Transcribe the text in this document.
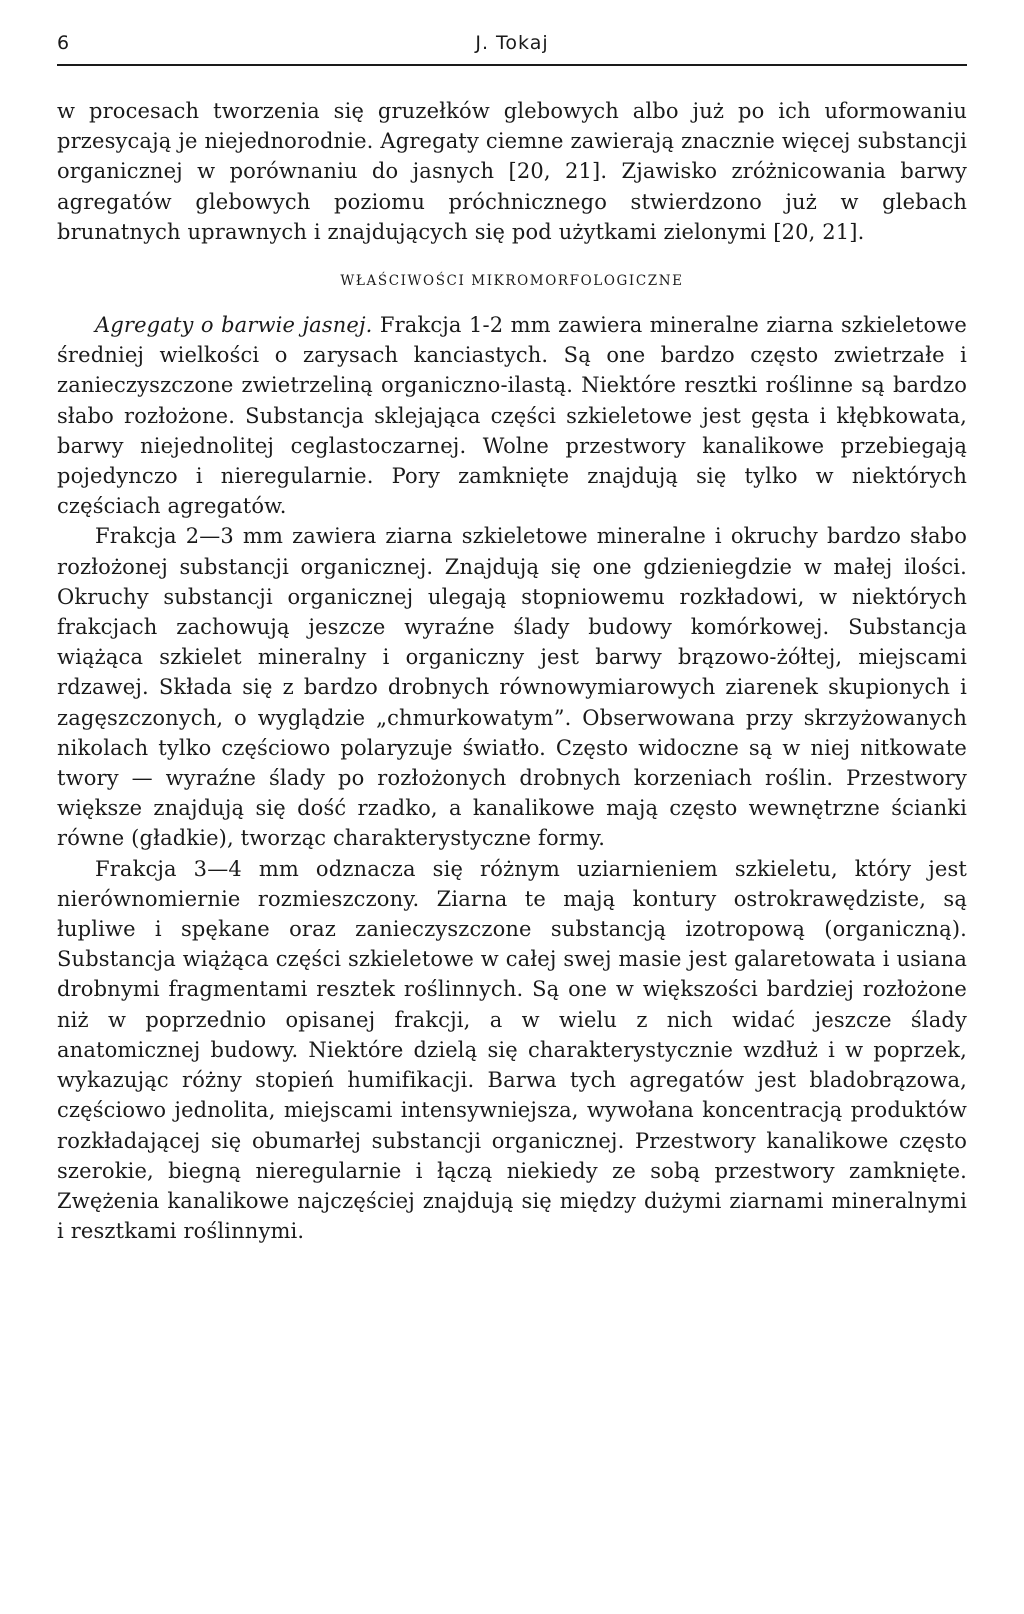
6	J. Tokaj

w procesach tworzenia się gruzełków glebowych albo już po ich uformowaniu przesycają je niejednorodnie. Agregaty ciemne zawierają znacznie więcej substancji organicznej w porównaniu do jasnych [20, 21]. Zjawisko zróżnicowania barwy agregatów glebowych poziomu próchnicznego stwierdzono już w glebach brunatnych uprawnych i znajdujących się pod użytkami zielonymi [20, 21].

WŁAŚCIWOŚCI MIKROMORFOLOGICZNE

Agregaty o barwie jasnej. Frakcja 1-2 mm zawiera mineralne ziarna szkieletowe średniej wielkości o zarysach kanciastych. Są one bardzo często zwietrzałe i zanieczyszczone zwietrzeliną organiczno-ilastą. Niektóre resztki roślinne są bardzo słabo rozłożone. Substancja sklejająca części szkieletowe jest gęsta i kłębkowata, barwy niejednolitej ceglastoczarnej. Wolne przestwory kanalikowe przebiegają pojedynczo i nieregularnie. Pory zamknięte znajdują się tylko w niektórych częściach agregatów.

Frakcja 2—3 mm zawiera ziarna szkieletowe mineralne i okruchy bardzo słabo rozłożonej substancji organicznej. Znajdują się one gdzieniegdzie w małej ilości. Okruchy substancji organicznej ulegają stopniowemu rozkładowi, w niektórych frakcjach zachowują jeszcze wyraźne ślady budowy komórkowej. Substancja wiążąca szkielet mineralny i organiczny jest barwy brązowo-żółtej, miejscami rdzawej. Składa się z bardzo drobnych równowymiarowych ziarenek skupionych i zagęszczonych, o wyglądzie „chmurkowatym”. Obserwowana przy skrzyżowanych nikolach tylko częściowo polaryzuje światło. Często widoczne są w niej nitkowate twory — wyraźne ślady po rozłożonych drobnych korzeniach roślin. Przestwory większe znajdują się dość rzadko, a kanalikowe mają często wewnętrzne ścianki równe (gładkie), tworząc charakterystyczne formy.

Frakcja 3—4 mm odznacza się różnym uziarnieniem szkieletu, który jest nierównomiernie rozmieszczony. Ziarna te mają kontury ostrokrawędziste, są łupliwe i spękane oraz zanieczyszczone substancją izotropową (organiczną). Substancja wiążąca części szkieletowe w całej swej masie jest galaretowata i usiana drobnymi fragmentami resztek roślinnych. Są one w większości bardziej rozłożone niż w poprzednio opisanej frakcji, a w wielu z nich widać jeszcze ślady anatomicznej budowy. Niektóre dzielą się charakterystycznie wzdłuż i w poprzek, wykazując różny stopień humifikacji. Barwa tych agregatów jest bladobrązowa, częściowo jednolita, miejscami intensywniejsza, wywołana koncentracją produktów rozkładającej się obumarłej substancji organicznej. Przestwory kanalikowe często szerokie, biegną nieregularnie i łączą niekiedy ze sobą przestwory zamknięte. Zwężenia kanalikowe najczęściej znajdują się między dużymi ziarnami mineralnymi i resztkami roślinnymi.
